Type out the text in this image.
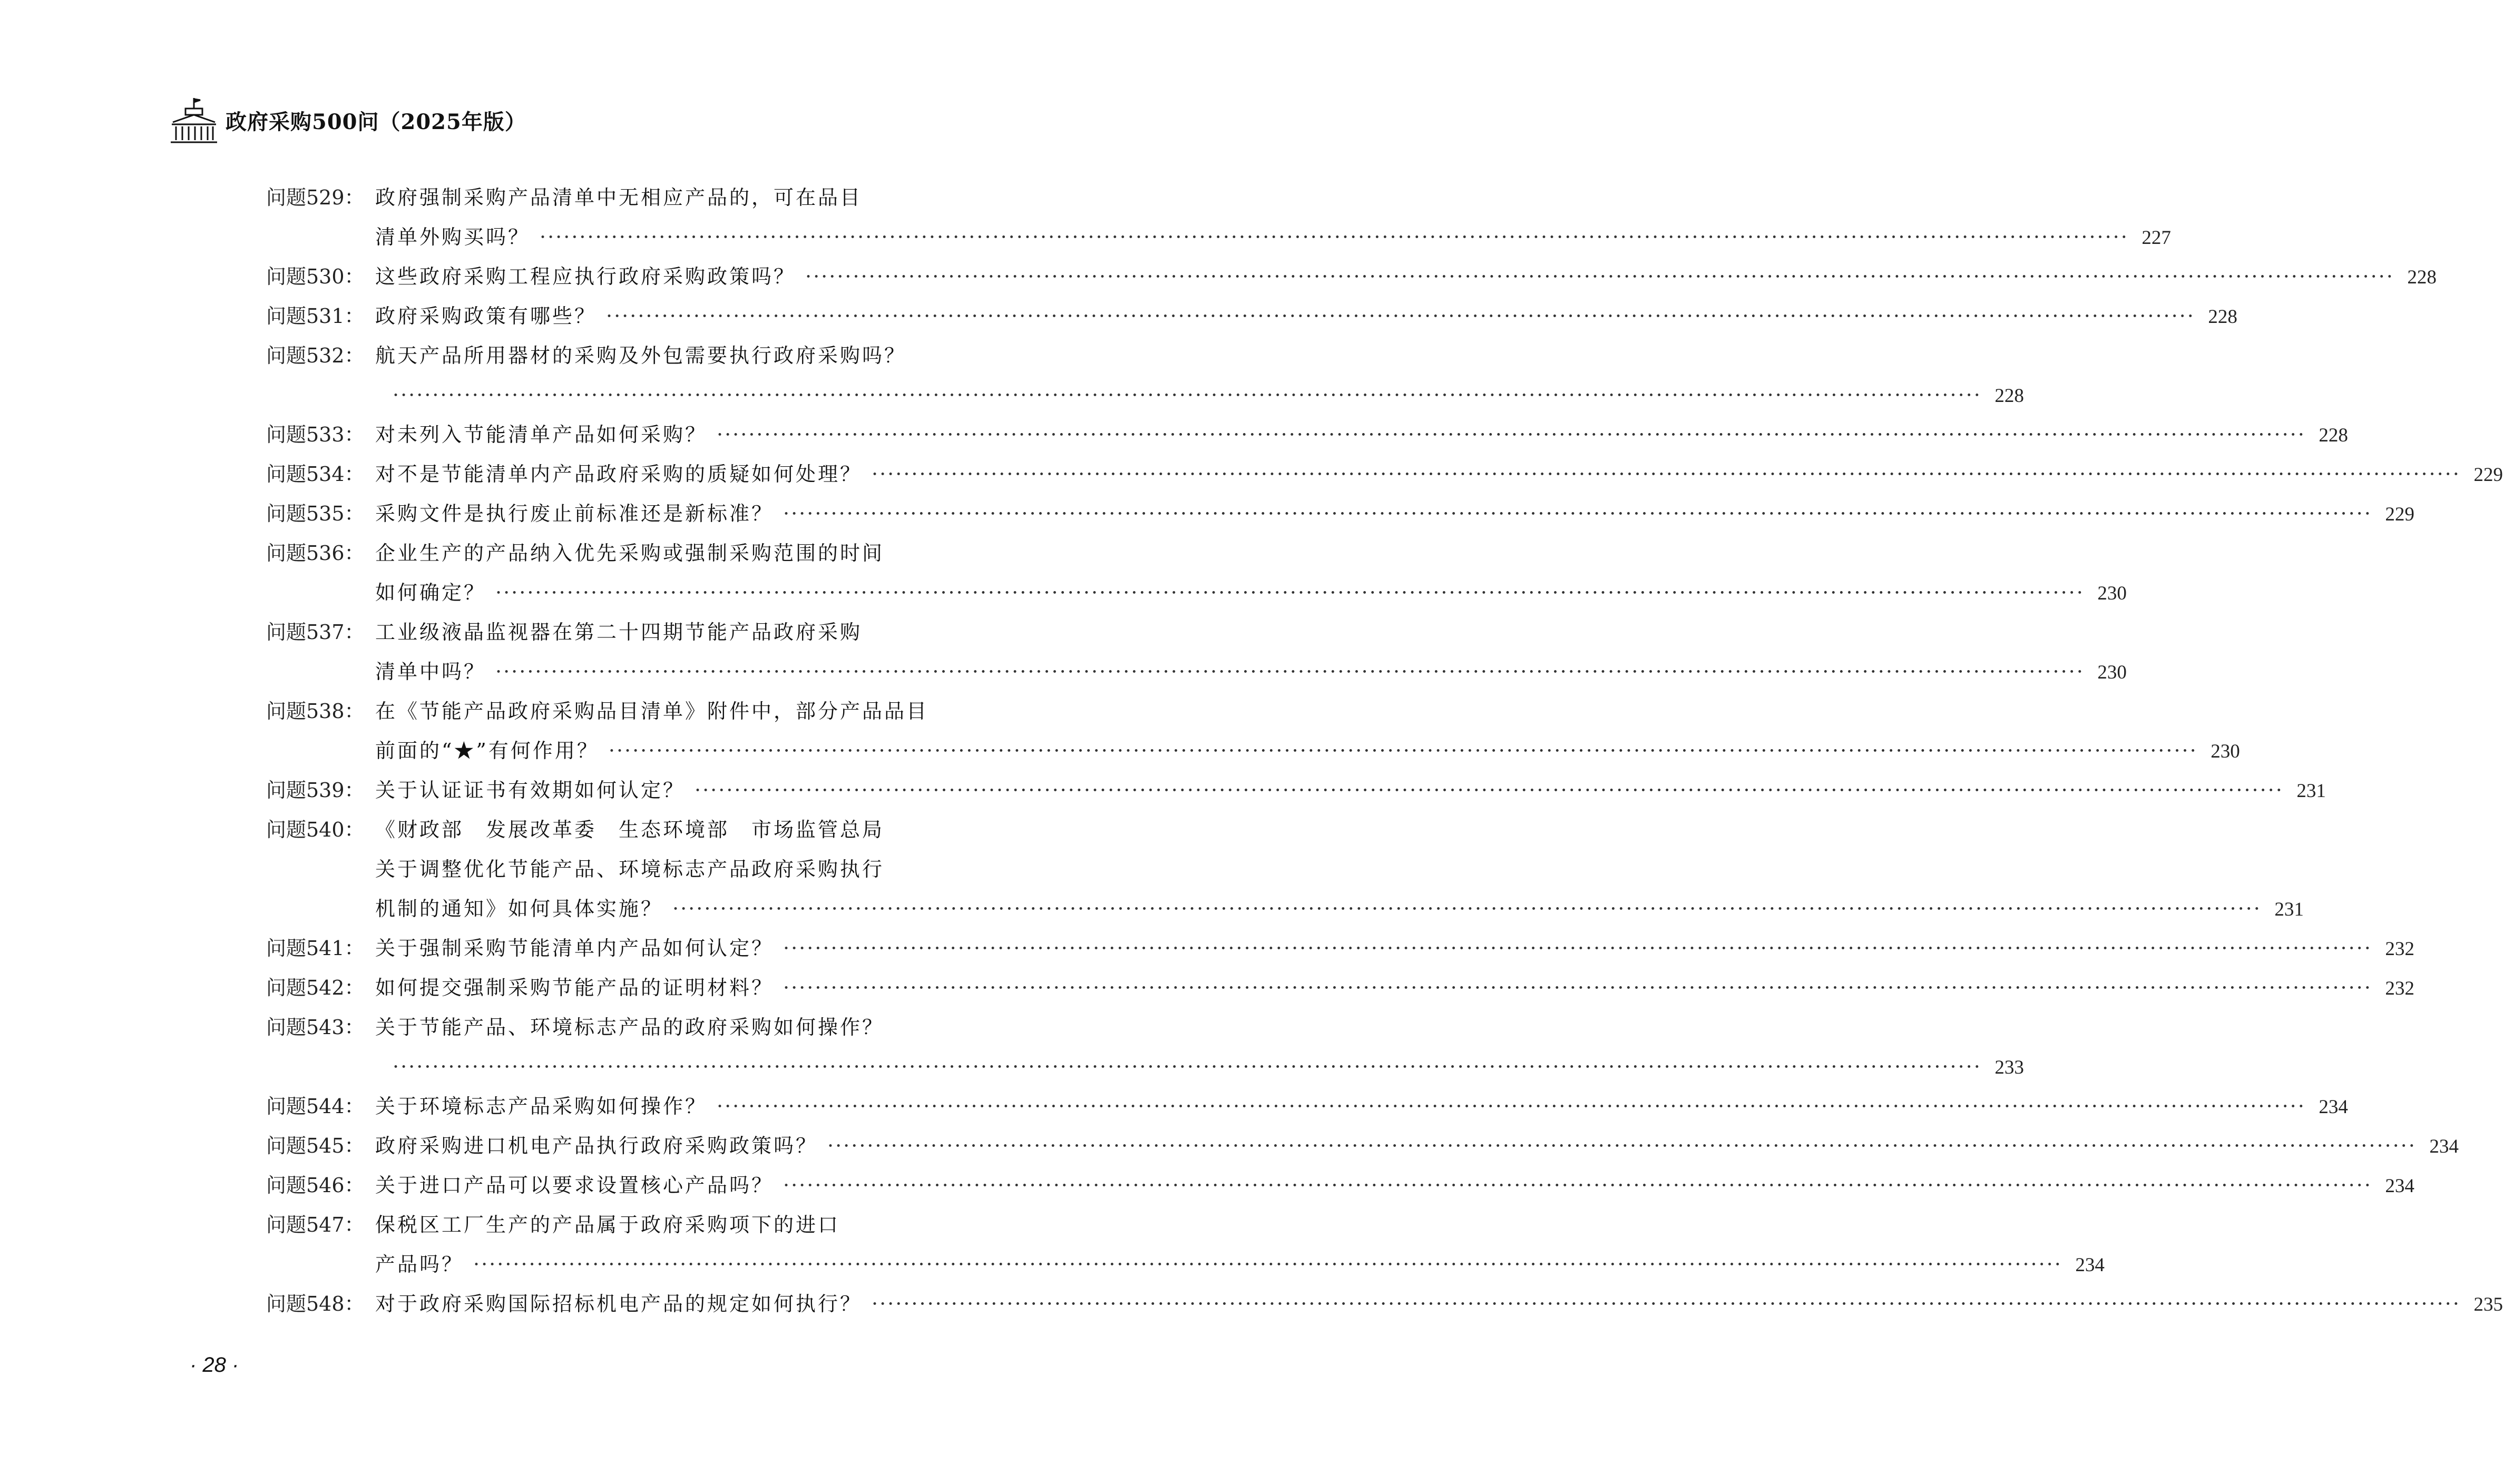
政府采购500问（2025年版）
问题529： 政府强制采购产品清单中无相应产品的，可在品目
清单外购买吗？ ········································································································································································································ 227
问题530： 这些政府采购工程应执行政府采购政策吗？ ········································································································································································································ 228
问题531： 政府采购政策有哪些？ ········································································································································································································ 228
问题532： 航天产品所用器材的采购及外包需要执行政府采购吗？
········································································································································································································ 228
问题533： 对未列入节能清单产品如何采购？ ········································································································································································································ 228
问题534： 对不是节能清单内产品政府采购的质疑如何处理？ ········································································································································································································ 229
问题535： 采购文件是执行废止前标准还是新标准？ ········································································································································································································ 229
问题536： 企业生产的产品纳入优先采购或强制采购范围的时间
如何确定？ ········································································································································································································ 230
问题537： 工业级液晶监视器在第二十四期节能产品政府采购
清单中吗？ ········································································································································································································ 230
问题538： 在《节能产品政府采购品目清单》附件中，部分产品品目
前面的“★”有何作用？ ········································································································································································································ 230
问题539： 关于认证证书有效期如何认定？ ········································································································································································································ 231
问题540： 《财政部　发展改革委　生态环境部　市场监管总局
关于调整优化节能产品、环境标志产品政府采购执行
机制的通知》如何具体实施？ ········································································································································································································ 231
问题541： 关于强制采购节能清单内产品如何认定？ ········································································································································································································ 232
问题542： 如何提交强制采购节能产品的证明材料？ ········································································································································································································ 232
问题543： 关于节能产品、环境标志产品的政府采购如何操作？
········································································································································································································ 233
问题544： 关于环境标志产品采购如何操作？ ········································································································································································································ 234
问题545： 政府采购进口机电产品执行政府采购政策吗？ ········································································································································································································ 234
问题546： 关于进口产品可以要求设置核心产品吗？ ········································································································································································································ 234
问题547： 保税区工厂生产的产品属于政府采购项下的进口
产品吗？ ········································································································································································································ 234
问题548： 对于政府采购国际招标机电产品的规定如何执行？ ········································································································································································································ 235
· 28 ·
